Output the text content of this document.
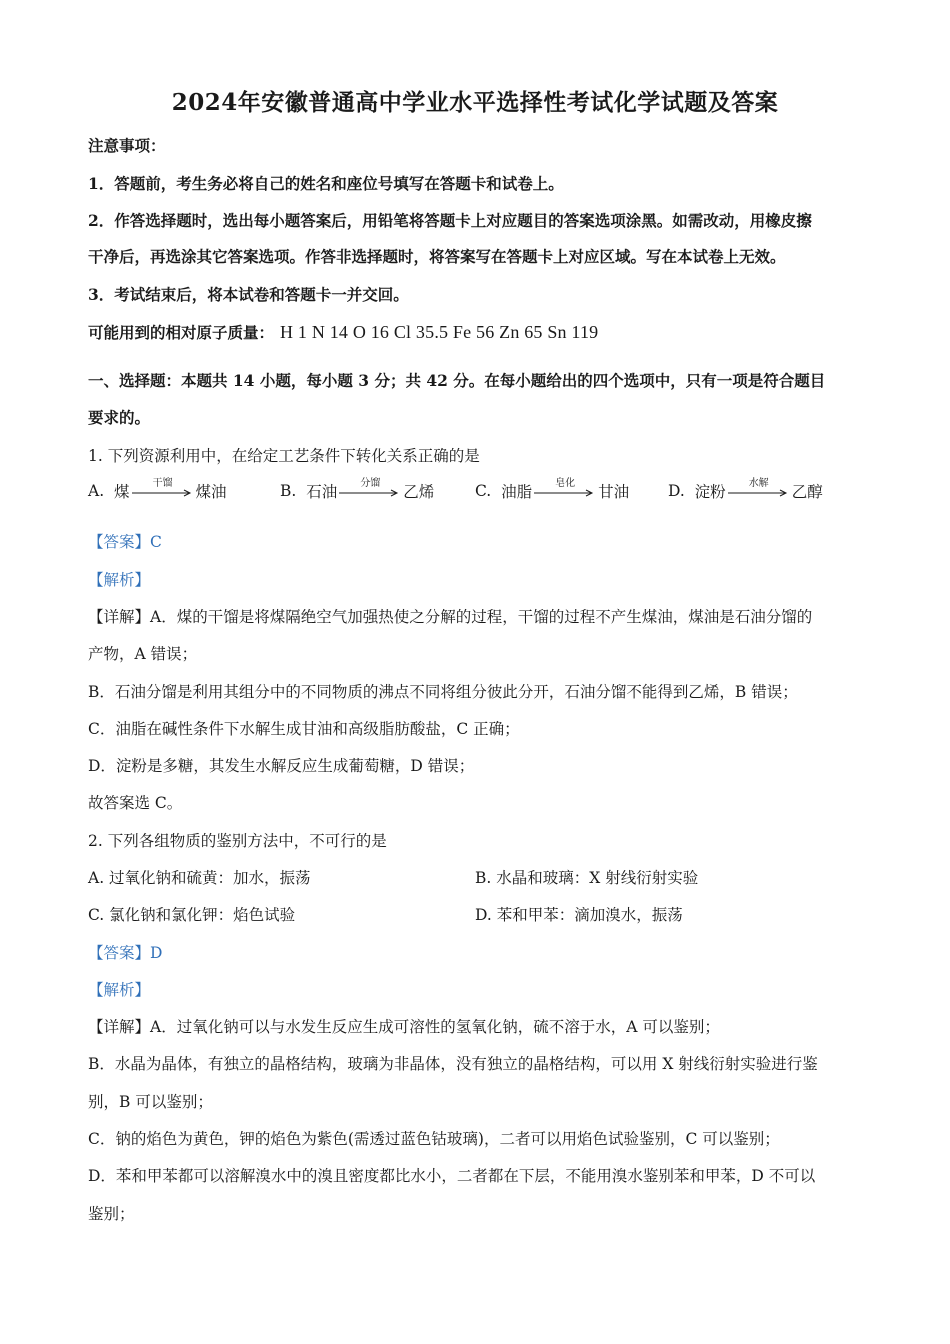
2024年安徽普通高中学业水平选择性考试化学试题及答案
注意事项：
1．答题前，考生务必将自己的姓名和座位号填写在答题卡和试卷上。
2．作答选择题时，选出每小题答案后，用铅笔将答题卡上对应题目的答案选项涂黑。如需改动，用橡皮擦
干净后，再选涂其它答案选项。作答非选择题时，将答案写在答题卡上对应区域。写在本试卷上无效。
3．考试结束后，将本试卷和答题卡一并交回。
可能用到的相对原子质量： H 1 N 14 O 16 Cl 35.5 Fe 56 Zn 65 Sn 119
一、选择题：本题共 14 小题，每小题 3 分；共 42 分。在每小题给出的四个选项中，只有一项是符合题目
要求的。
1. 下列资源利用中，在给定工艺条件下转化关系正确的是
A.
煤 干馏 煤油	B.
石油 分馏 乙烯	C.
油脂 皂化 甘油	D.
淀粉 水解 乙醇
【答案】C
【解析】
【详解】A．煤的干馏是将煤隔绝空气加强热使之分解的过程，干馏的过程不产生煤油，煤油是石油分馏的
产物，A 错误；
B．石油分馏是利用其组分中的不同物质的沸点不同将组分彼此分开，石油分馏不能得到乙烯，B 错误；
C．油脂在碱性条件下水解生成甘油和高级脂肪酸盐，C 正确；
D．淀粉是多糖，其发生水解反应生成葡萄糖，D 错误；
故答案选 C。
2. 下列各组物质的鉴别方法中，不可行的是
A. 过氧化钠和硫黄：加水，振荡	B. 水晶和玻璃：X 射线衍射实验
C. 氯化钠和氯化钾：焰色试验	D. 苯和甲苯：滴加溴水，振荡
【答案】D
【解析】
【详解】A．过氧化钠可以与水发生反应生成可溶性的氢氧化钠，硫不溶于水，A 可以鉴别；
B．水晶为晶体，有独立的晶格结构，玻璃为非晶体，没有独立的晶格结构，可以用 X 射线衍射实验进行鉴
别，B 可以鉴别；
C．钠的焰色为黄色，钾的焰色为紫色(需透过蓝色钴玻璃)，二者可以用焰色试验鉴别，C 可以鉴别；
D．苯和甲苯都可以溶解溴水中的溴且密度都比水小，二者都在下层，不能用溴水鉴别苯和甲苯，D 不可以
鉴别；
